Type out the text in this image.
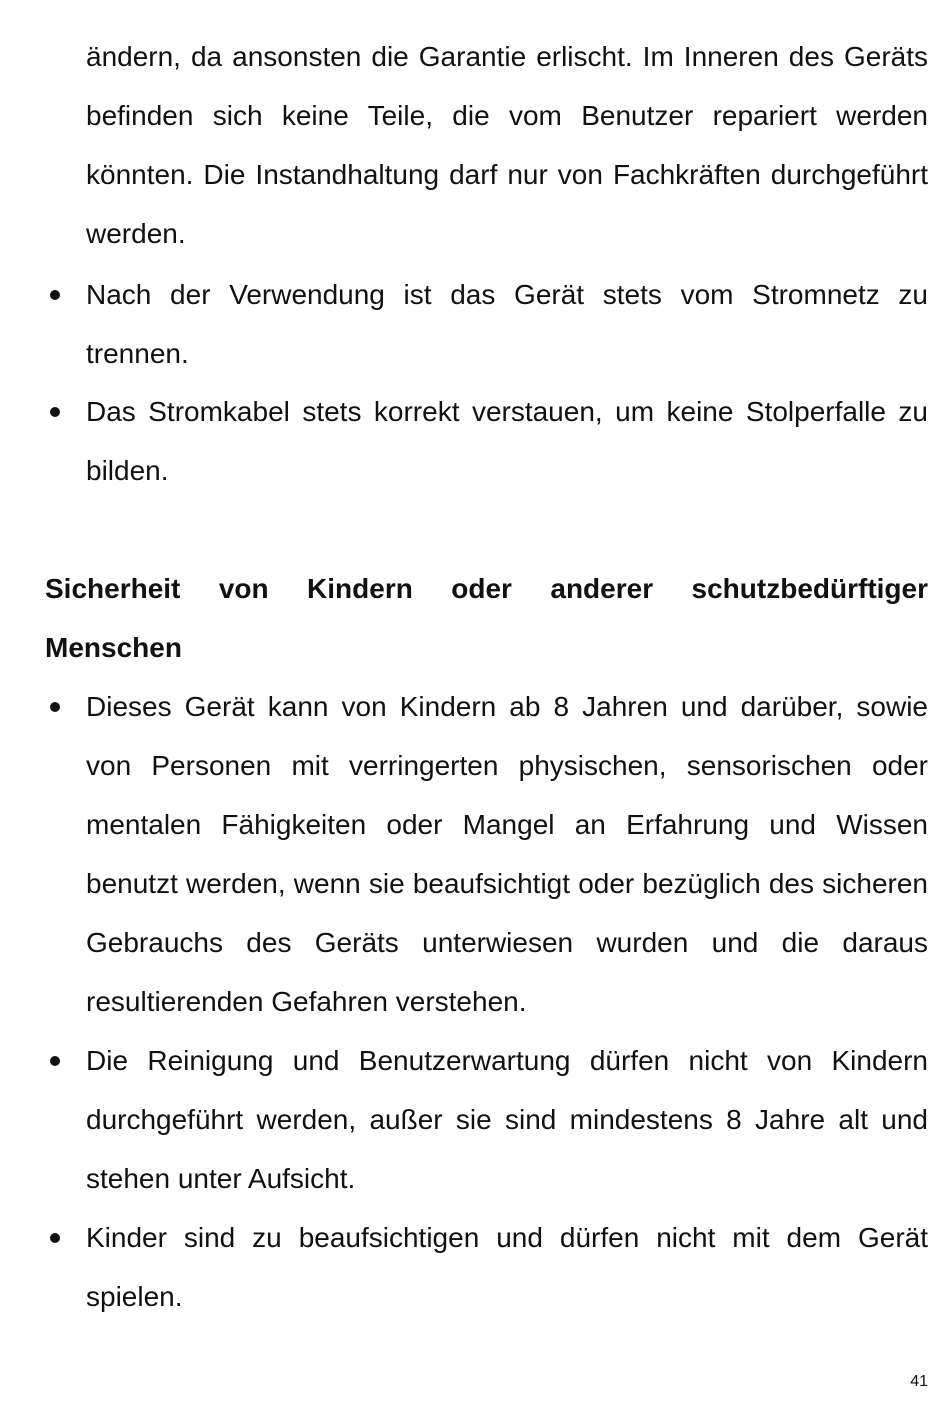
ändern, da ansonsten die Garantie erlischt. Im Inneren des Geräts befinden sich keine Teile, die vom Benutzer repariert werden könnten. Die Instandhaltung darf nur von Fachkräften durchgeführt werden.

Nach der Verwendung ist das Gerät stets vom Stromnetz zu trennen.

Das Stromkabel stets korrekt verstauen, um keine Stolperfalle zu bilden.

Sicherheit von Kindern oder anderer schutzbedürftiger
Menschen

Dieses Gerät kann von Kindern ab 8 Jahren und darüber, sowie von Personen mit verringerten physischen, sensorischen oder mentalen Fähigkeiten oder Mangel an Erfahrung und Wissen benutzt werden, wenn sie beaufsichtigt oder bezüglich des sicheren Gebrauchs des Geräts unterwiesen wurden und die daraus resultierenden Gefahren verstehen.

Die Reinigung und Benutzerwartung dürfen nicht von Kindern durchgeführt werden, außer sie sind mindestens 8 Jahre alt und stehen unter Aufsicht.

Kinder sind zu beaufsichtigen und dürfen nicht mit dem Gerät spielen.

41
